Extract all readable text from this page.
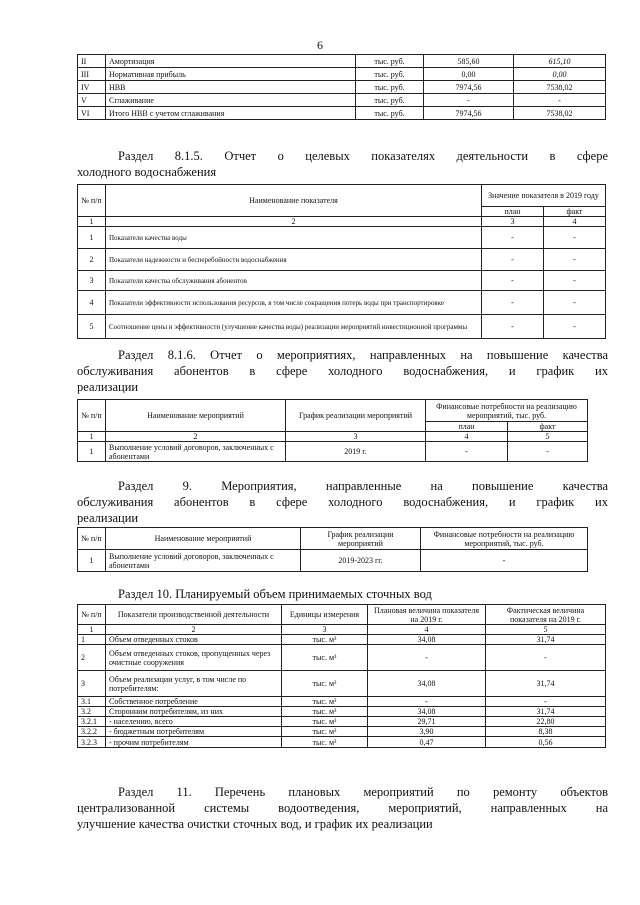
6
II	Амортизация	тыс. руб.	585,60	615,10
III	Нормативная прибыль	тыс. руб.	0,00	0,00
IV	НВВ	тыс. руб.	7974,56	7538,02
V	Сглаживание	тыс. руб.	-	-
VI	Итого НВВ с учетом сглаживания	тыс. руб.	7974,56	7538,02
Раздел 8.1.5. Отчет о целевых показателях деятельности в сфере
холодного водоснабжения
№ п/п	Наименование показателя	Значение показателя в 2019 году	
		план	факт
1	2	3	4
1	Показатели качества воды	-	-
2	Показатели надежности и бесперебойности водоснабжения	-	-
3	Показатели качества обслуживания абонентов	-	-
4	Показатели эффективности использования ресурсов, в том числе сокращения потерь воды при транспортировке	-	-
5	Соотношение цены и эффективности (улучшение качества воды) реализации мероприятий инвестиционной программы	-	-
Раздел 8.1.6. Отчет о мероприятиях, направленных на повышение качества
обслуживания абонентов в сфере холодного водоснабжения, и график их
реализации
№ п/п	Наименование мероприятий	График реализации мероприятий	Финансовые потребности на реализацию мероприятий, тыс. руб.	
			план	факт
1	2	3	4	5
1	Выполнение условий договоров, заключенных с абонентами	2019 г.	-	-
Раздел 9. Мероприятия, направленные на повышение качества
обслуживания абонентов в сфере холодного водоснабжения, и график их
реализации
№ п/п	Наименование мероприятий	График реализации мероприятий	Финансовые потребности на реализацию мероприятий, тыс. руб.
1	Выполнение условий договоров, заключенных с абонентами	2019-2023 гг.	-
Раздел 10. Планируемый объем принимаемых сточных вод
№ п/п	Показатели производственной деятельности	Единицы измерения	Плановая величина показателя на 2019 г.	Фактическая величина показателя на 2019 г.
1	2	3	4	5
1	Объем отведенных стоков	тыс. м³	34,08	31,74
2	Объем отведенных стоков, пропущенных через очистные сооружения	тыс. м³	-	-
3	Объем реализации услуг, в том числе по потребителям:	тыс. м³	34,08	31,74
3.1	Собственное потребление	тыс. м³	-	-
3.2	Сторонним потребителям, из них	тыс. м³	34,08	31,74
3.2.1	- населению, всего	тыс. м³	29,71	22,80
3.2.2	- бюджетным потребителям	тыс. м³	3,90	8,38
3.2.3	- прочим потребителям	тыс. м³	0,47	0,56
Раздел 11. Перечень плановых мероприятий по ремонту объектов
централизованной системы водоотведения, мероприятий, направленных на
улучшение качества очистки сточных вод, и график их реализации
